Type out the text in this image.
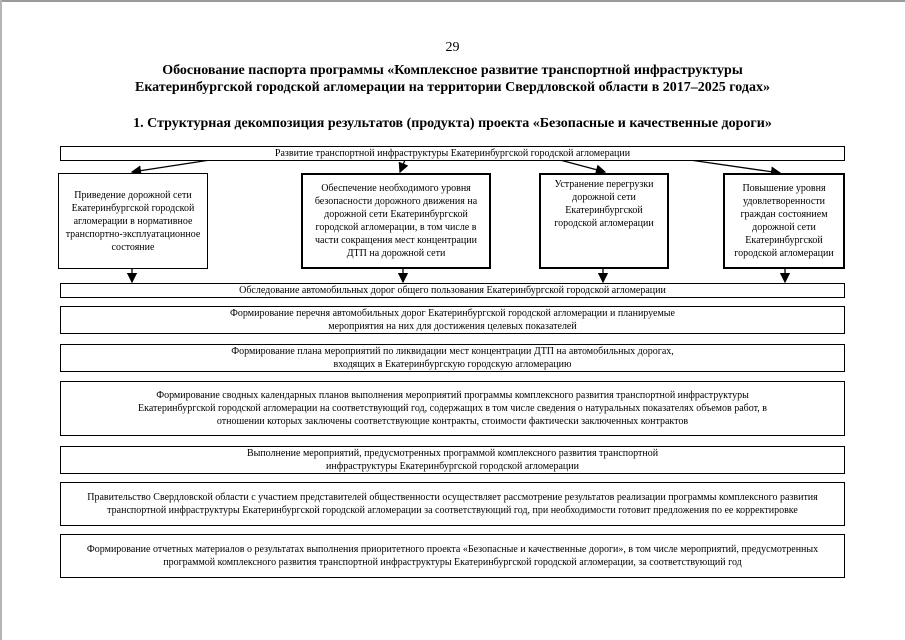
29
Обоснование паспорта программы «Комплексное развитие транспортной инфраструктуры
Екатеринбургской городской агломерации на территории Свердловской области в 2017–2025 годах»
1. Структурная декомпозиция результатов (продукта) проекта «Безопасные и качественные дороги»
Развитие транспортной инфраструктуры Екатеринбургской городской агломерации
Приведение дорожной сети Екатеринбургской городской агломерации в нормативное транспортно-эксплуатационное состояние
Обеспечение необходимого уровня безопасности дорожного движения на дорожной сети Екатеринбургской городской агломерации, в том числе в части сокращения мест концентрации ДТП на дорожной сети
Устранение перегрузки дорожной сети Екатеринбургской городской агломерации
Повышение уровня удовлетворенности граждан состоянием дорожной сети Екатеринбургской городской агломерации
Обследование автомобильных дорог общего пользования Екатеринбургской городской агломерации
Формирование перечня автомобильных дорог Екатеринбургской городской агломерации и планируемые мероприятия на них для достижения целевых показателей
Формирование плана мероприятий по ликвидации мест концентрации ДТП на автомобильных дорогах, входящих в Екатеринбургскую городскую агломерацию
Формирование сводных календарных планов выполнения мероприятий программы комплексного развития транспортной инфраструктуры Екатеринбургской городской агломерации на соответствующий год, содержащих в том числе сведения о натуральных показателях объемов работ, в отношении которых заключены соответствующие контракты, стоимости фактически заключенных контрактов
Выполнение мероприятий, предусмотренных программой комплексного развития транспортной инфраструктуры Екатеринбургской городской агломерации
Правительство Свердловской области с участием представителей общественности осуществляет рассмотрение результатов реализации программы комплексного развития транспортной инфраструктуры Екатеринбургской городской агломерации за соответствующий год, при необходимости готовит предложения по ее корректировке
Формирование отчетных материалов о результатах выполнения приоритетного проекта «Безопасные и качественные дороги», в том числе мероприятий, предусмотренных программой комплексного развития транспортной инфраструктуры Екатеринбургской городской агломерации, за соответствующий год
